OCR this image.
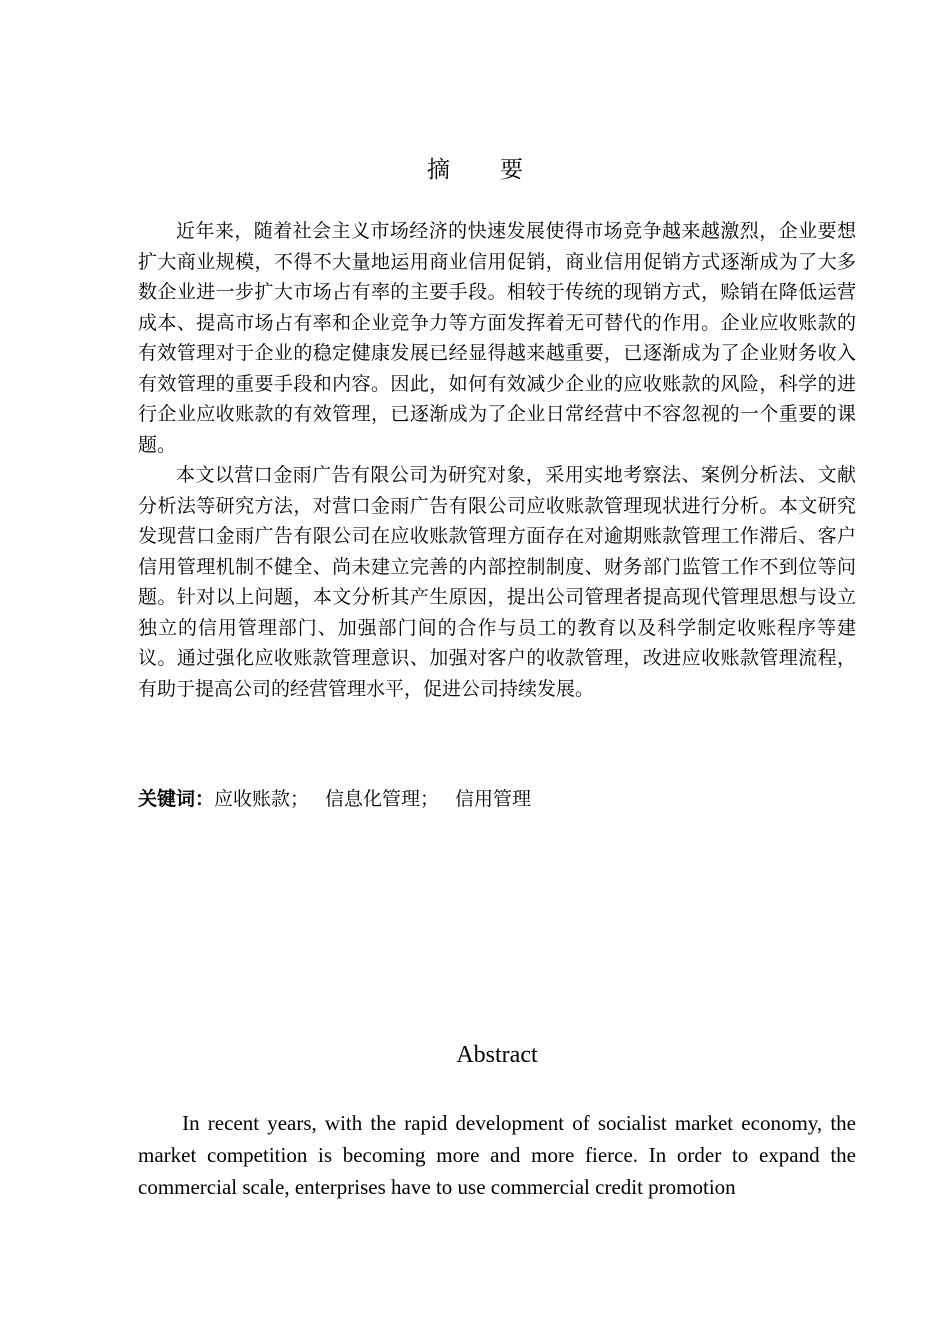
摘要

近年来，随着社会主义市场经济的快速发展使得市场竞争越来越激烈，企业要想扩大商业规模，不得不大量地运用商业信用促销，商业信用促销方式逐渐成为了大多数企业进一步扩大市场占有率的主要手段。相较于传统的现销方式，赊销在降低运营成本、提高市场占有率和企业竞争力等方面发挥着无可替代的作用。企业应收账款的有效管理对于企业的稳定健康发展已经显得越来越重要，已逐渐成为了企业财务收入有效管理的重要手段和内容。因此，如何有效减少企业的应收账款的风险，科学的进行企业应收账款的有效管理，已逐渐成为了企业日常经营中不容忽视的一个重要的课题。

本文以营口金雨广告有限公司为研究对象，采用实地考察法、案例分析法、文献分析法等研究方法，对营口金雨广告有限公司应收账款管理现状进行分析。本文研究发现营口金雨广告有限公司在应收账款管理方面存在对逾期账款管理工作滞后、客户信用管理机制不健全、尚未建立完善的内部控制制度、财务部门监管工作不到位等问题。针对以上问题，本文分析其产生原因，提出公司管理者提高现代管理思想与设立独立的信用管理部门、加强部门间的合作与员工的教育以及科学制定收账程序等建议。通过强化应收账款管理意识、加强对客户的收款管理，改进应收账款管理流程，有助于提高公司的经营管理水平，促进公司持续发展。

关键词：应收账款； 信息化管理； 信用管理
Abstract

In recent years, with the rapid development of socialist market economy, the market competition is becoming more and more fierce. In order to expand the commercial scale, enterprises have to use commercial credit promotion
